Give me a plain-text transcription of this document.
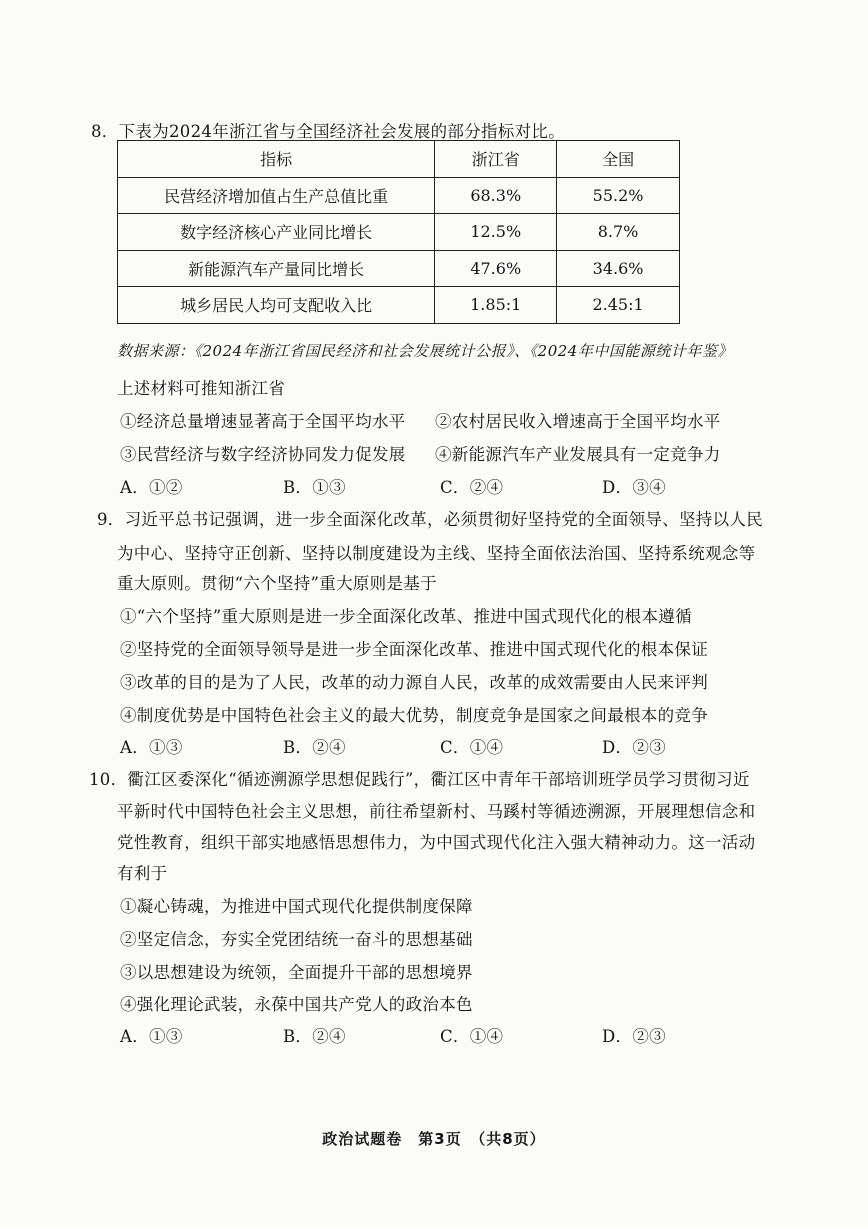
8．下表为2024年浙江省与全国经济社会发展的部分指标对比。
指标	浙江省	全国
民营经济增加值占生产总值比重	68.3%	55.2%
数字经济核心产业同比增长	12.5%	8.7%
新能源汽车产量同比增长	47.6%	34.6%
城乡居民人均可支配收入比	1.85:1	2.45:1
数据来源：《2024年浙江省国民经济和社会发展统计公报》、《2024年中国能源统计年鉴》
上述材料可推知浙江省
①经济总量增速显著高于全国平均水平 ②农村居民收入增速高于全国平均水平
③民营经济与数字经济协同发力促发展 ④新能源汽车产业发展具有一定竞争力
A．①②	B．①③	C．②④	D．③④
9．习近平总书记强调，进一步全面深化改革，必须贯彻好坚持党的全面领导、坚持以人民
为中心、坚持守正创新、坚持以制度建设为主线、坚持全面依法治国、坚持系统观念等
重大原则。贯彻“六个坚持”重大原则是基于
①“六个坚持”重大原则是进一步全面深化改革、推进中国式现代化的根本遵循
②坚持党的全面领导领导是进一步全面深化改革、推进中国式现代化的根本保证
③改革的目的是为了人民，改革的动力源自人民，改革的成效需要由人民来评判
④制度优势是中国特色社会主义的最大优势，制度竞争是国家之间最根本的竞争
A．①③	B．②④	C．①④	D．②③
10．衢江区委深化“循迹溯源学思想促践行”，衢江区中青年干部培训班学员学习贯彻习近
平新时代中国特色社会主义思想，前往希望新村、马蹊村等循迹溯源，开展理想信念和
党性教育，组织干部实地感悟思想伟力，为中国式现代化注入强大精神动力。这一活动
有利于
①凝心铸魂，为推进中国式现代化提供制度保障
②坚定信念，夯实全党团结统一奋斗的思想基础
③以思想建设为统领，全面提升干部的思想境界
④强化理论武装，永葆中国共产党人的政治本色
A．①③	B．②④	C．①④	D．②③
政治试题卷　第3页　（共8页）
